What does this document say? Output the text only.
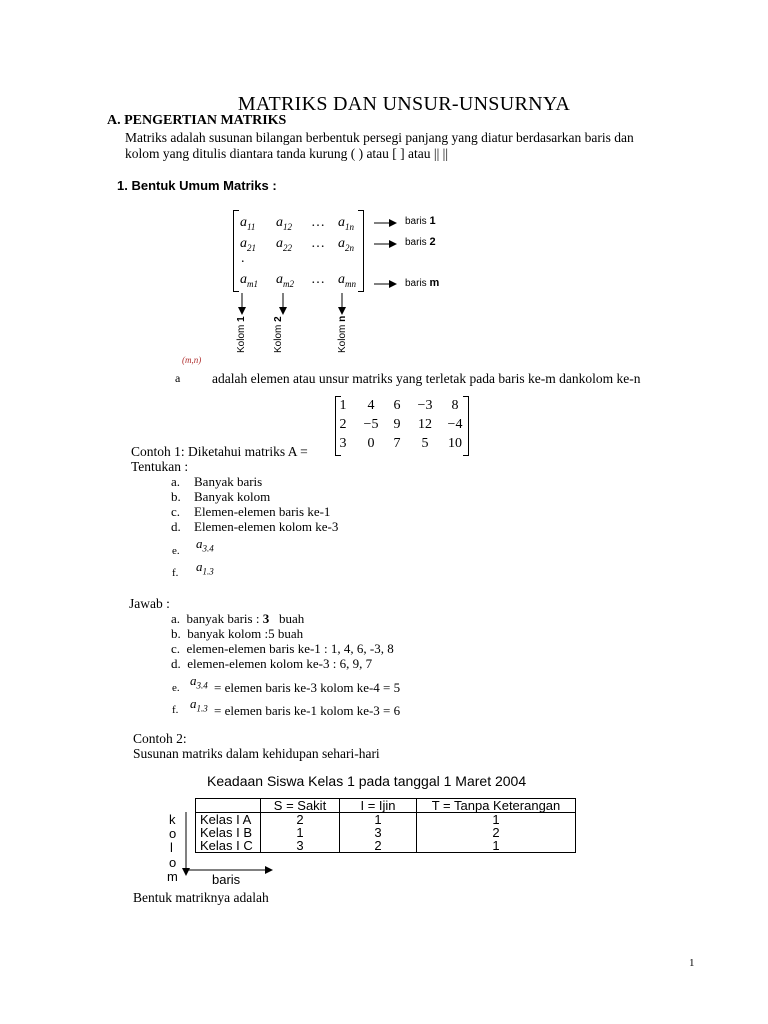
MATRIKS DAN UNSUR-UNSURNYA
A. PENGERTIAN MATRIKS
Matriks adalah susunan bilangan berbentuk persegi panjang yang diatur berdasarkan baris dan
kolom yang ditulis diantara tanda kurung ( ) atau [ ] atau || ||
1. Bentuk Umum Matriks :
$a_{11}$ $a_{12}$ … $a_{1n}$
$a_{21}$ $a_{22}$ … $a_{2n}$
.
$a_{m1}$ $a_{m2}$ … $a_{mn}$
baris 1
baris 2
baris m
Kolom 1
Kolom 2
Kolom n
a
(m,n)
adalah elemen atau unsur matriks yang terletak pada baris ke-m dankolom ke-n
Contoh 1: Diketahui matriks A =
1	4	6	−3	8
2	−5	9	12	−4
3	0	7	5	10
Tentukan :
a. Banyak baris
b. Banyak kolom
c. Elemen-elemen baris ke-1
d. Elemen-elemen kolom ke-3
e. $a_{3.4}$
f. $a_{1.3}$
Jawab :
a. banyak baris : 3   buah
b. banyak kolom :5 buah
c. elemen-elemen baris ke-1 : 1, 4, 6, -3, 8
d. elemen-elemen kolom ke-3 : 6, 9, 7
e. $a_{3.4}$ = elemen baris ke-3 kolom ke-4 = 5
f. $a_{1.3}$ = elemen baris ke-1 kolom ke-3 = 6
Contoh 2:
Susunan matriks dalam kehidupan sehari-hari
Keadaan Siswa Kelas 1 pada tanggal 1 Maret 2004
	S = Sakit	I = Ijin	T = Tanpa Keterangan
Kelas I A	2	1	1
Kelas I B	1	3	2
Kelas I C	3	2	1
k
o
l
o
m	baris
Bentuk matriknya adalah
1
